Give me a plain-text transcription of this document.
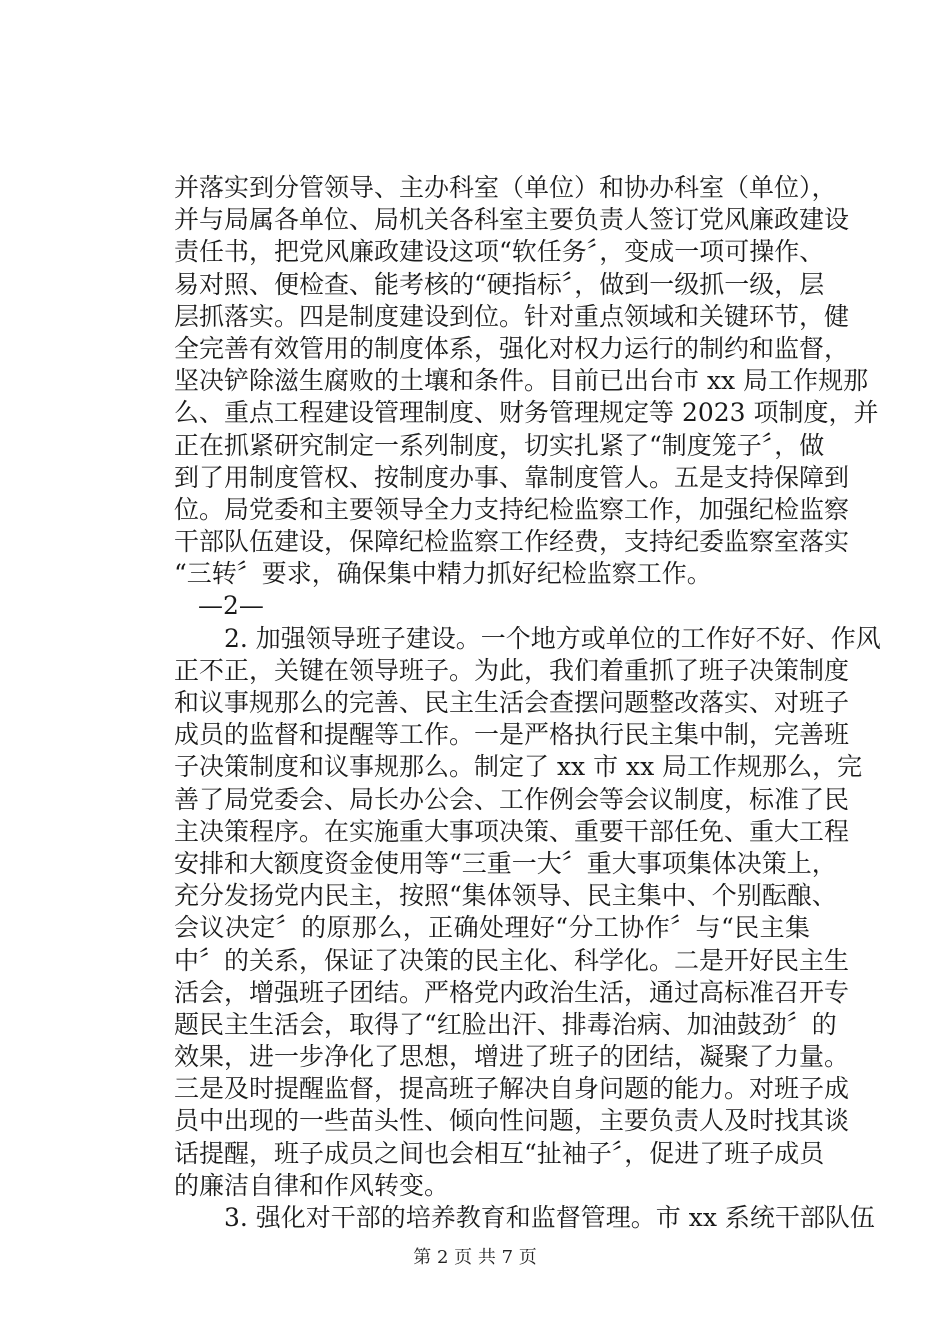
并落实到分管领导、主办科室（单位）和协办科室（单位），
并与局属各单位、局机关各科室主要负责人签订党风廉政建设
责任书，把党风廉政建设这项“软任务〞，变成一项可操作、
易对照、便检查、能考核的“硬指标〞，做到一级抓一级，层
层抓落实。四是制度建设到位。针对重点领域和关键环节，健
全完善有效管用的制度体系，强化对权力运行的制约和监督，
坚决铲除滋生腐败的土壤和条件。目前已出台市 xx 局工作规那
么、重点工程建设管理制度、财务管理规定等 2023 项制度，并
正在抓紧研究制定一系列制度，切实扎紧了“制度笼子〞，做
到了用制度管权、按制度办事、靠制度管人。五是支持保障到
位。局党委和主要领导全力支持纪检监察工作，加强纪检监察
干部队伍建设，保障纪检监察工作经费，支持纪委监察室落实
“三转〞要求，确保集中精力抓好纪检监察工作。
—2—
2. 加强领导班子建设。一个地方或单位的工作好不好、作风
正不正，关键在领导班子。为此，我们着重抓了班子决策制度
和议事规那么的完善、民主生活会查摆问题整改落实、对班子
成员的监督和提醒等工作。一是严格执行民主集中制，完善班
子决策制度和议事规那么。制定了 xx 市 xx 局工作规那么，完
善了局党委会、局长办公会、工作例会等会议制度，标准了民
主决策程序。在实施重大事项决策、重要干部任免、重大工程
安排和大额度资金使用等“三重一大〞重大事项集体决策上，
充分发扬党内民主，按照“集体领导、民主集中、个别酝酿、
会议决定〞的原那么，正确处理好“分工协作〞与“民主集
中〞的关系，保证了决策的民主化、科学化。二是开好民主生
活会，增强班子团结。严格党内政治生活，通过高标准召开专
题民主生活会，取得了“红脸出汗、排毒治病、加油鼓劲〞的
效果，进一步净化了思想，增进了班子的团结，凝聚了力量。
三是及时提醒监督，提高班子解决自身问题的能力。对班子成
员中出现的一些苗头性、倾向性问题，主要负责人及时找其谈
话提醒，班子成员之间也会相互“扯袖子〞，促进了班子成员
的廉洁自律和作风转变。
3. 强化对干部的培养教育和监督管理。市 xx 系统干部队伍
第 2 页 共 7 页
